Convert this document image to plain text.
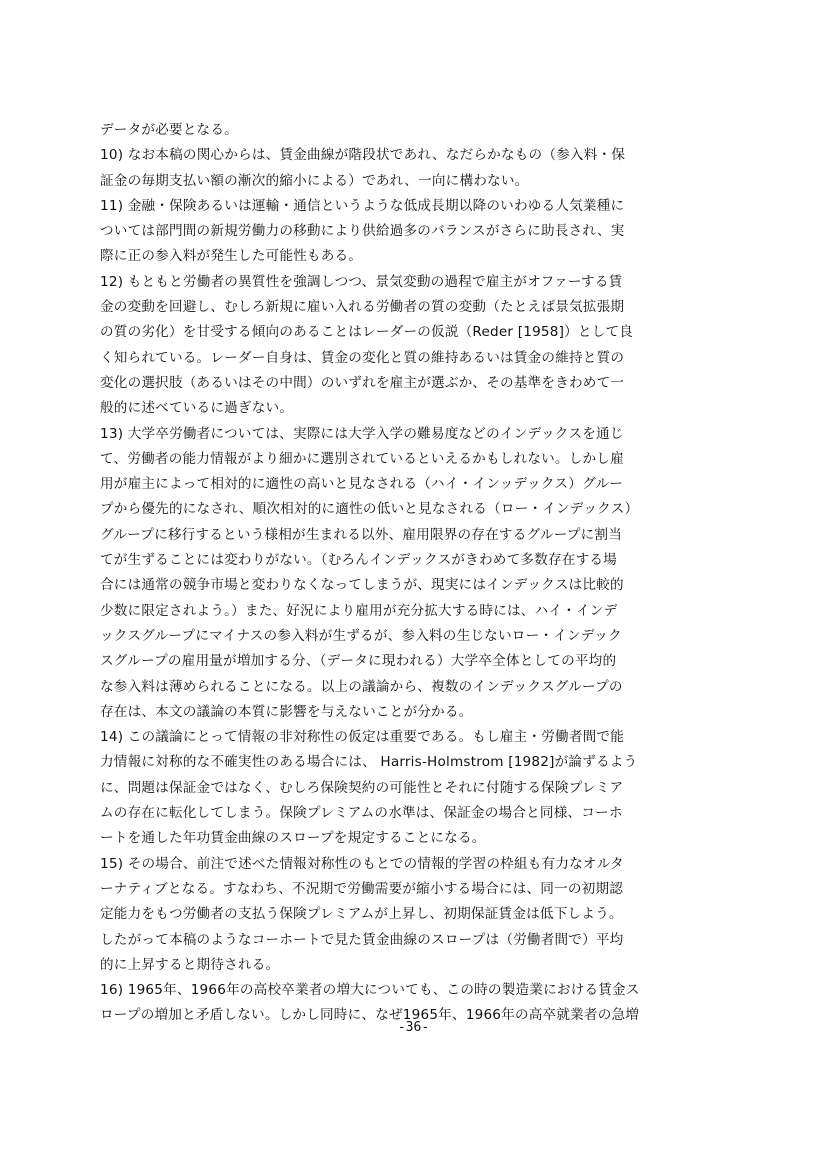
データが必要となる。
10) なお本稿の関心からは、賃金曲線が階段状であれ、なだらかなもの（参入料・保
証金の毎期支払い額の漸次的縮小による）であれ、一向に構わない。
11) 金融・保険あるいは運輸・通信というような低成長期以降のいわゆる人気業種に
ついては部門間の新規労働力の移動により供給過多のバランスがさらに助長され、実
際に正の参入料が発生した可能性もある。
12) もともと労働者の異質性を強調しつつ、景気変動の過程で雇主がオファーする賃
金の変動を回避し、むしろ新規に雇い入れる労働者の質の変動（たとえば景気拡張期
の質の劣化）を甘受する傾向のあることはレーダーの仮説（Reder [1958]）として良
く知られている。レーダー自身は、賃金の変化と質の維持あるいは賃金の維持と質の
変化の選択肢（あるいはその中間）のいずれを雇主が選ぶか、その基準をきわめて一
般的に述べているに過ぎない。
13) 大学卒労働者については、実際には大学入学の難易度などのインデックスを通じ
て、労働者の能力情報がより細かに選別されているといえるかもしれない。しかし雇
用が雇主によって相対的に適性の高いと見なされる（ハイ・インッデックス）グルー
プから優先的になされ、順次相対的に適性の低いと見なされる（ロー・インデックス）
グループに移行するという様相が生まれる以外、雇用限界の存在するグループに割当
てが生ずることには変わりがない。（むろんインデックスがきわめて多数存在する場
合には通常の競争市場と変わりなくなってしまうが、現実にはインデックスは比較的
少数に限定されよう。）また、好況により雇用が充分拡大する時には、ハイ・インデ
ックスグループにマイナスの参入料が生ずるが、参入料の生じないロー・インデック
スグループの雇用量が増加する分、（データに現われる）大学卒全体としての平均的
な参入料は薄められることになる。以上の議論から、複数のインデックスグループの
存在は、本文の議論の本質に影響を与えないことが分かる。
14) この議論にとって情報の非対称性の仮定は重要である。もし雇主・労働者間で能
力情報に対称的な不確実性のある場合には、 Harris-Holmstrom [1982]が論ずるよう
に、問題は保証金ではなく、むしろ保険契約の可能性とそれに付随する保険プレミア
ムの存在に転化してしまう。保険プレミアムの水準は、保証金の場合と同様、コーホ
ートを通した年功賃金曲線のスロープを規定することになる。
15) その場合、前注で述べた情報対称性のもとでの情報的学習の枠組も有力なオルタ
ーナティブとなる。すなわち、不況期で労働需要が縮小する場合には、同一の初期認
定能力をもつ労働者の支払う保険プレミアムが上昇し、初期保証賃金は低下しよう。
したがって本稿のようなコーホートで見た賃金曲線のスロープは（労働者間で）平均
的に上昇すると期待される。
16) 1965年、1966年の高校卒業者の増大についても、この時の製造業における賃金ス
ロープの増加と矛盾しない。しかし同時に、なぜ1965年、1966年の高卒就業者の急増
-36-
